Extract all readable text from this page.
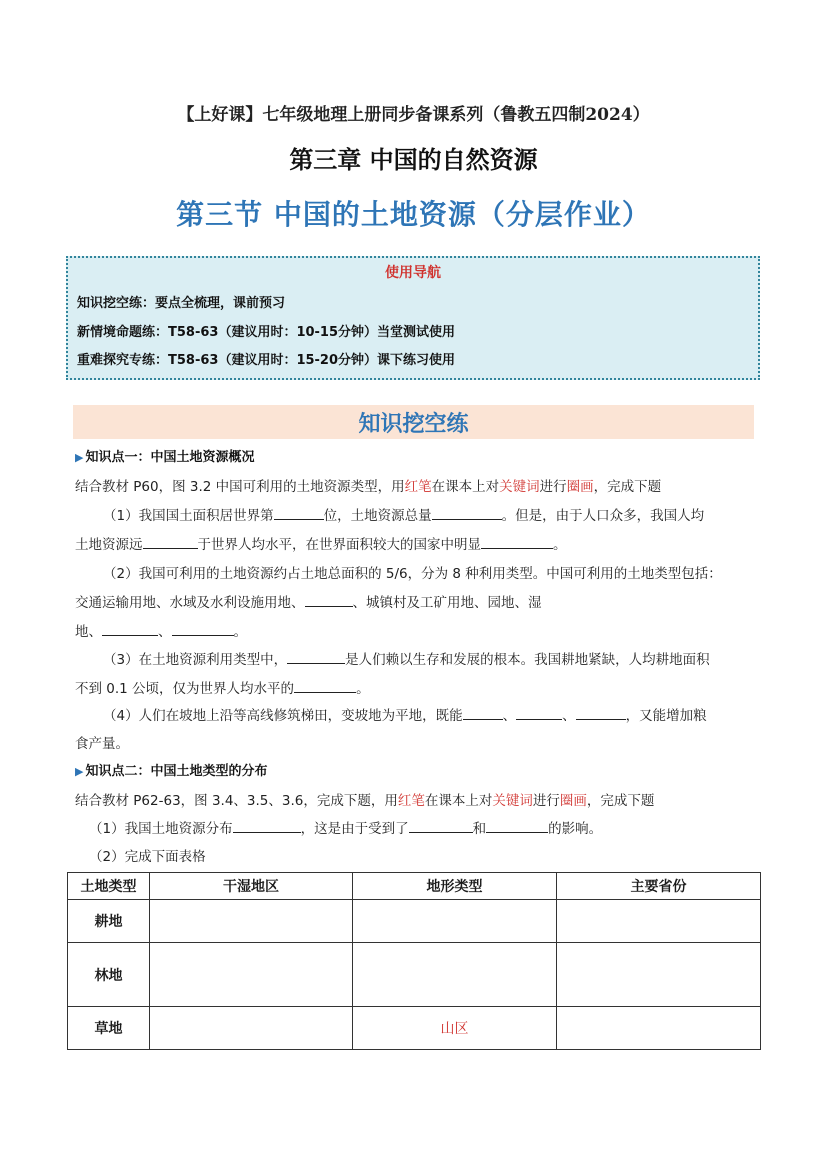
【上好课】七年级地理上册同步备课系列（鲁教五四制2024）
第三章 中国的自然资源
第三节 中国的土地资源（分层作业）
使用导航
知识挖空练：要点全梳理，课前预习
新情境命题练：T58-63（建议用时：10-15分钟）当堂测试使用
重难探究专练：T58-63（建议用时：15-20分钟）课下练习使用
知识挖空练
▶ 知识点一：中国土地资源概况
结合教材 P60，图 3.2 中国可利用的土地资源类型，用红笔在课本上对关键词进行圈画，完成下题
（1）我国国土面积居世界第	位，土地资源总量	。但是，由于人口众多，我国人均
土地资源远	于世界人均水平，在世界面积较大的国家中明显	。
（2）我国可利用的土地资源约占土地总面积的 5/6，分为 8 种利用类型。中国可利用的土地类型包括：
交通运输用地、水域及水利设施用地、	、城镇村及工矿用地、园地、湿
地、	、	。
（3）在土地资源利用类型中，	是人们赖以生存和发展的根本。我国耕地紧缺，人均耕地面积
不到 0.1 公顷，仅为世界人均水平的	。
（4）人们在坡地上沿等高线修筑梯田，变坡地为平地，既能	、	、	，又能增加粮
食产量。
▶ 知识点二：中国土地类型的分布
结合教材 P62-63，图 3.4、3.5、3.6，完成下题，用红笔在课本上对关键词进行圈画，完成下题
（1）我国土地资源分布	，这是由于受到了	和	的影响。
（2）完成下面表格
土地类型	干湿地区	地形类型	主要省份
耕地			
林地			
草地		山区	
